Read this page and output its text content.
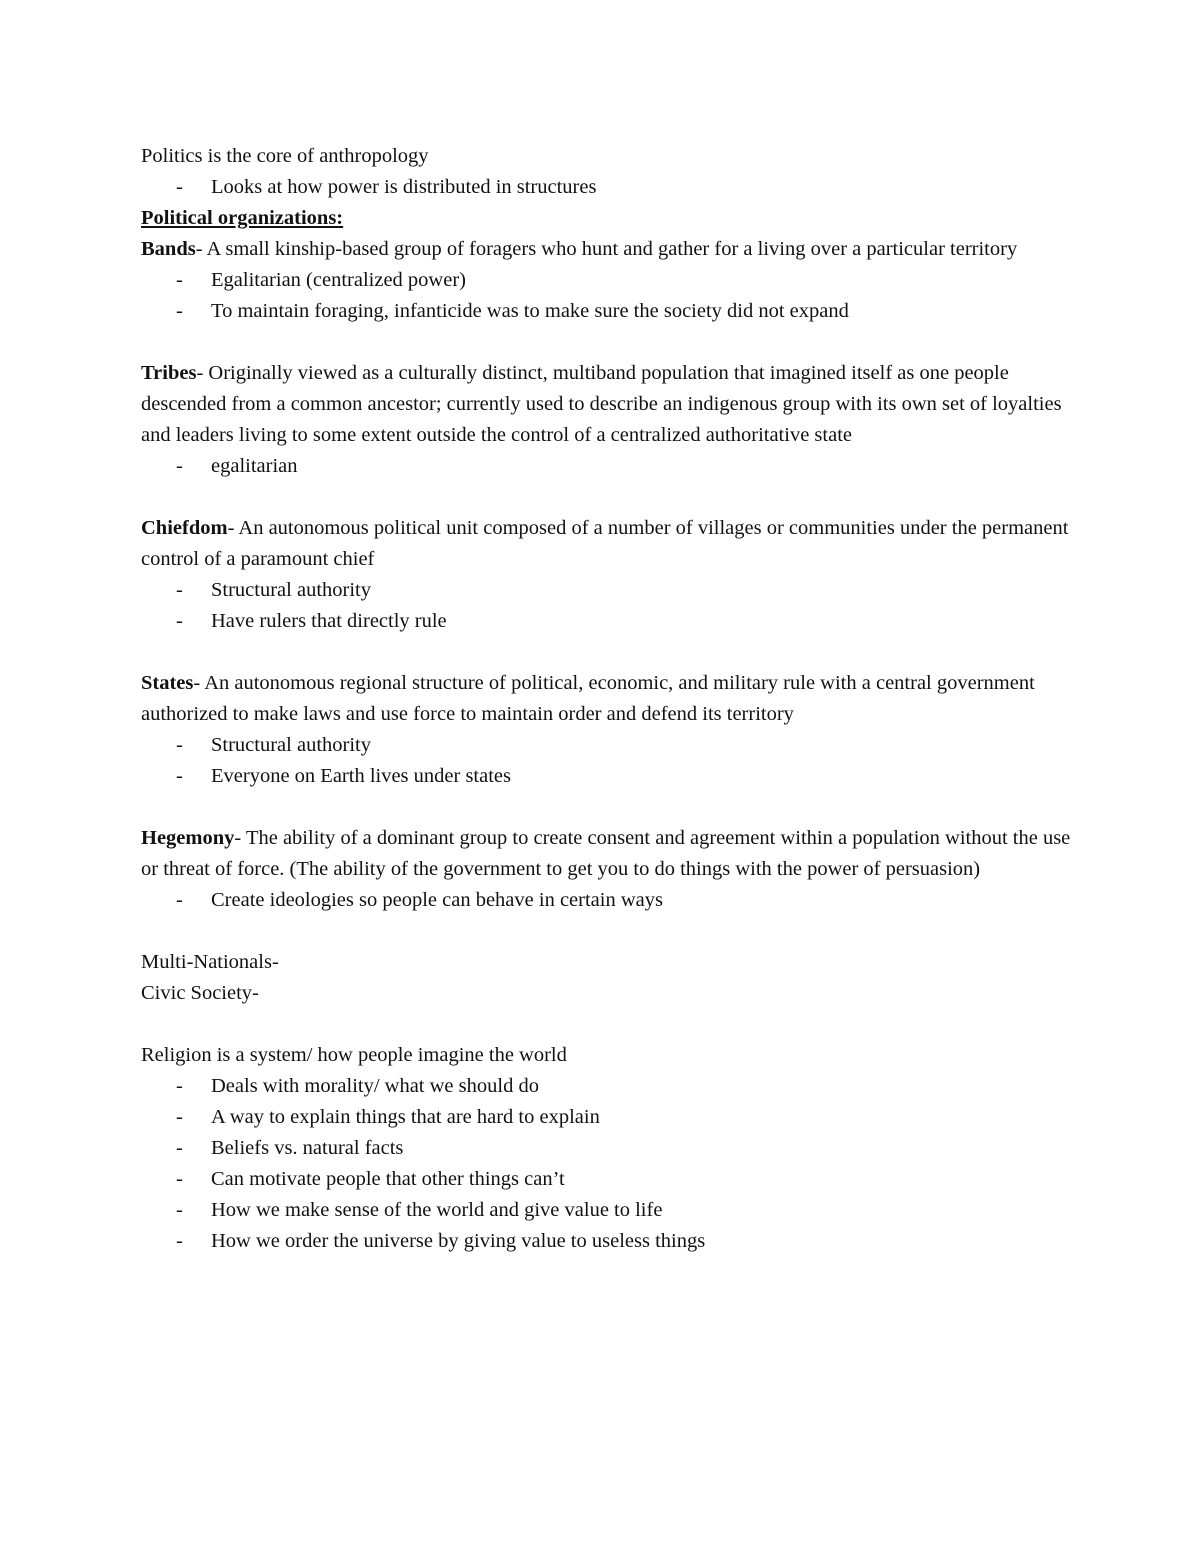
Politics is the core of anthropology

- Looks at how power is distributed in structures

Political organizations:

Bands- A small kinship-based group of foragers who hunt and gather for a living over a particular territory

- Egalitarian (centralized power)
- To maintain foraging, infanticide was to make sure the society did not expand

Tribes- Originally viewed as a culturally distinct, multiband population that imagined itself as one people descended from a common ancestor; currently used to describe an indigenous group with its own set of loyalties and leaders living to some extent outside the control of a centralized authoritative state

- egalitarian

Chiefdom- An autonomous political unit composed of a number of villages or communities under the permanent control of a paramount chief

- Structural authority
- Have rulers that directly rule

States- An autonomous regional structure of political, economic, and military rule with a central government authorized to make laws and use force to maintain order and defend its territory

- Structural authority
- Everyone on Earth lives under states

Hegemony- The ability of a dominant group to create consent and agreement within a population without the use or threat of force. (The ability of the government to get you to do things with the power of persuasion)

- Create ideologies so people can behave in certain ways

Multi-Nationals-

Civic Society-

Religion is a system/ how people imagine the world

- Deals with morality/ what we should do
- A way to explain things that are hard to explain
- Beliefs vs. natural facts
- Can motivate people that other things can’t
- How we make sense of the world and give value to life
- How we order the universe by giving value to useless things
